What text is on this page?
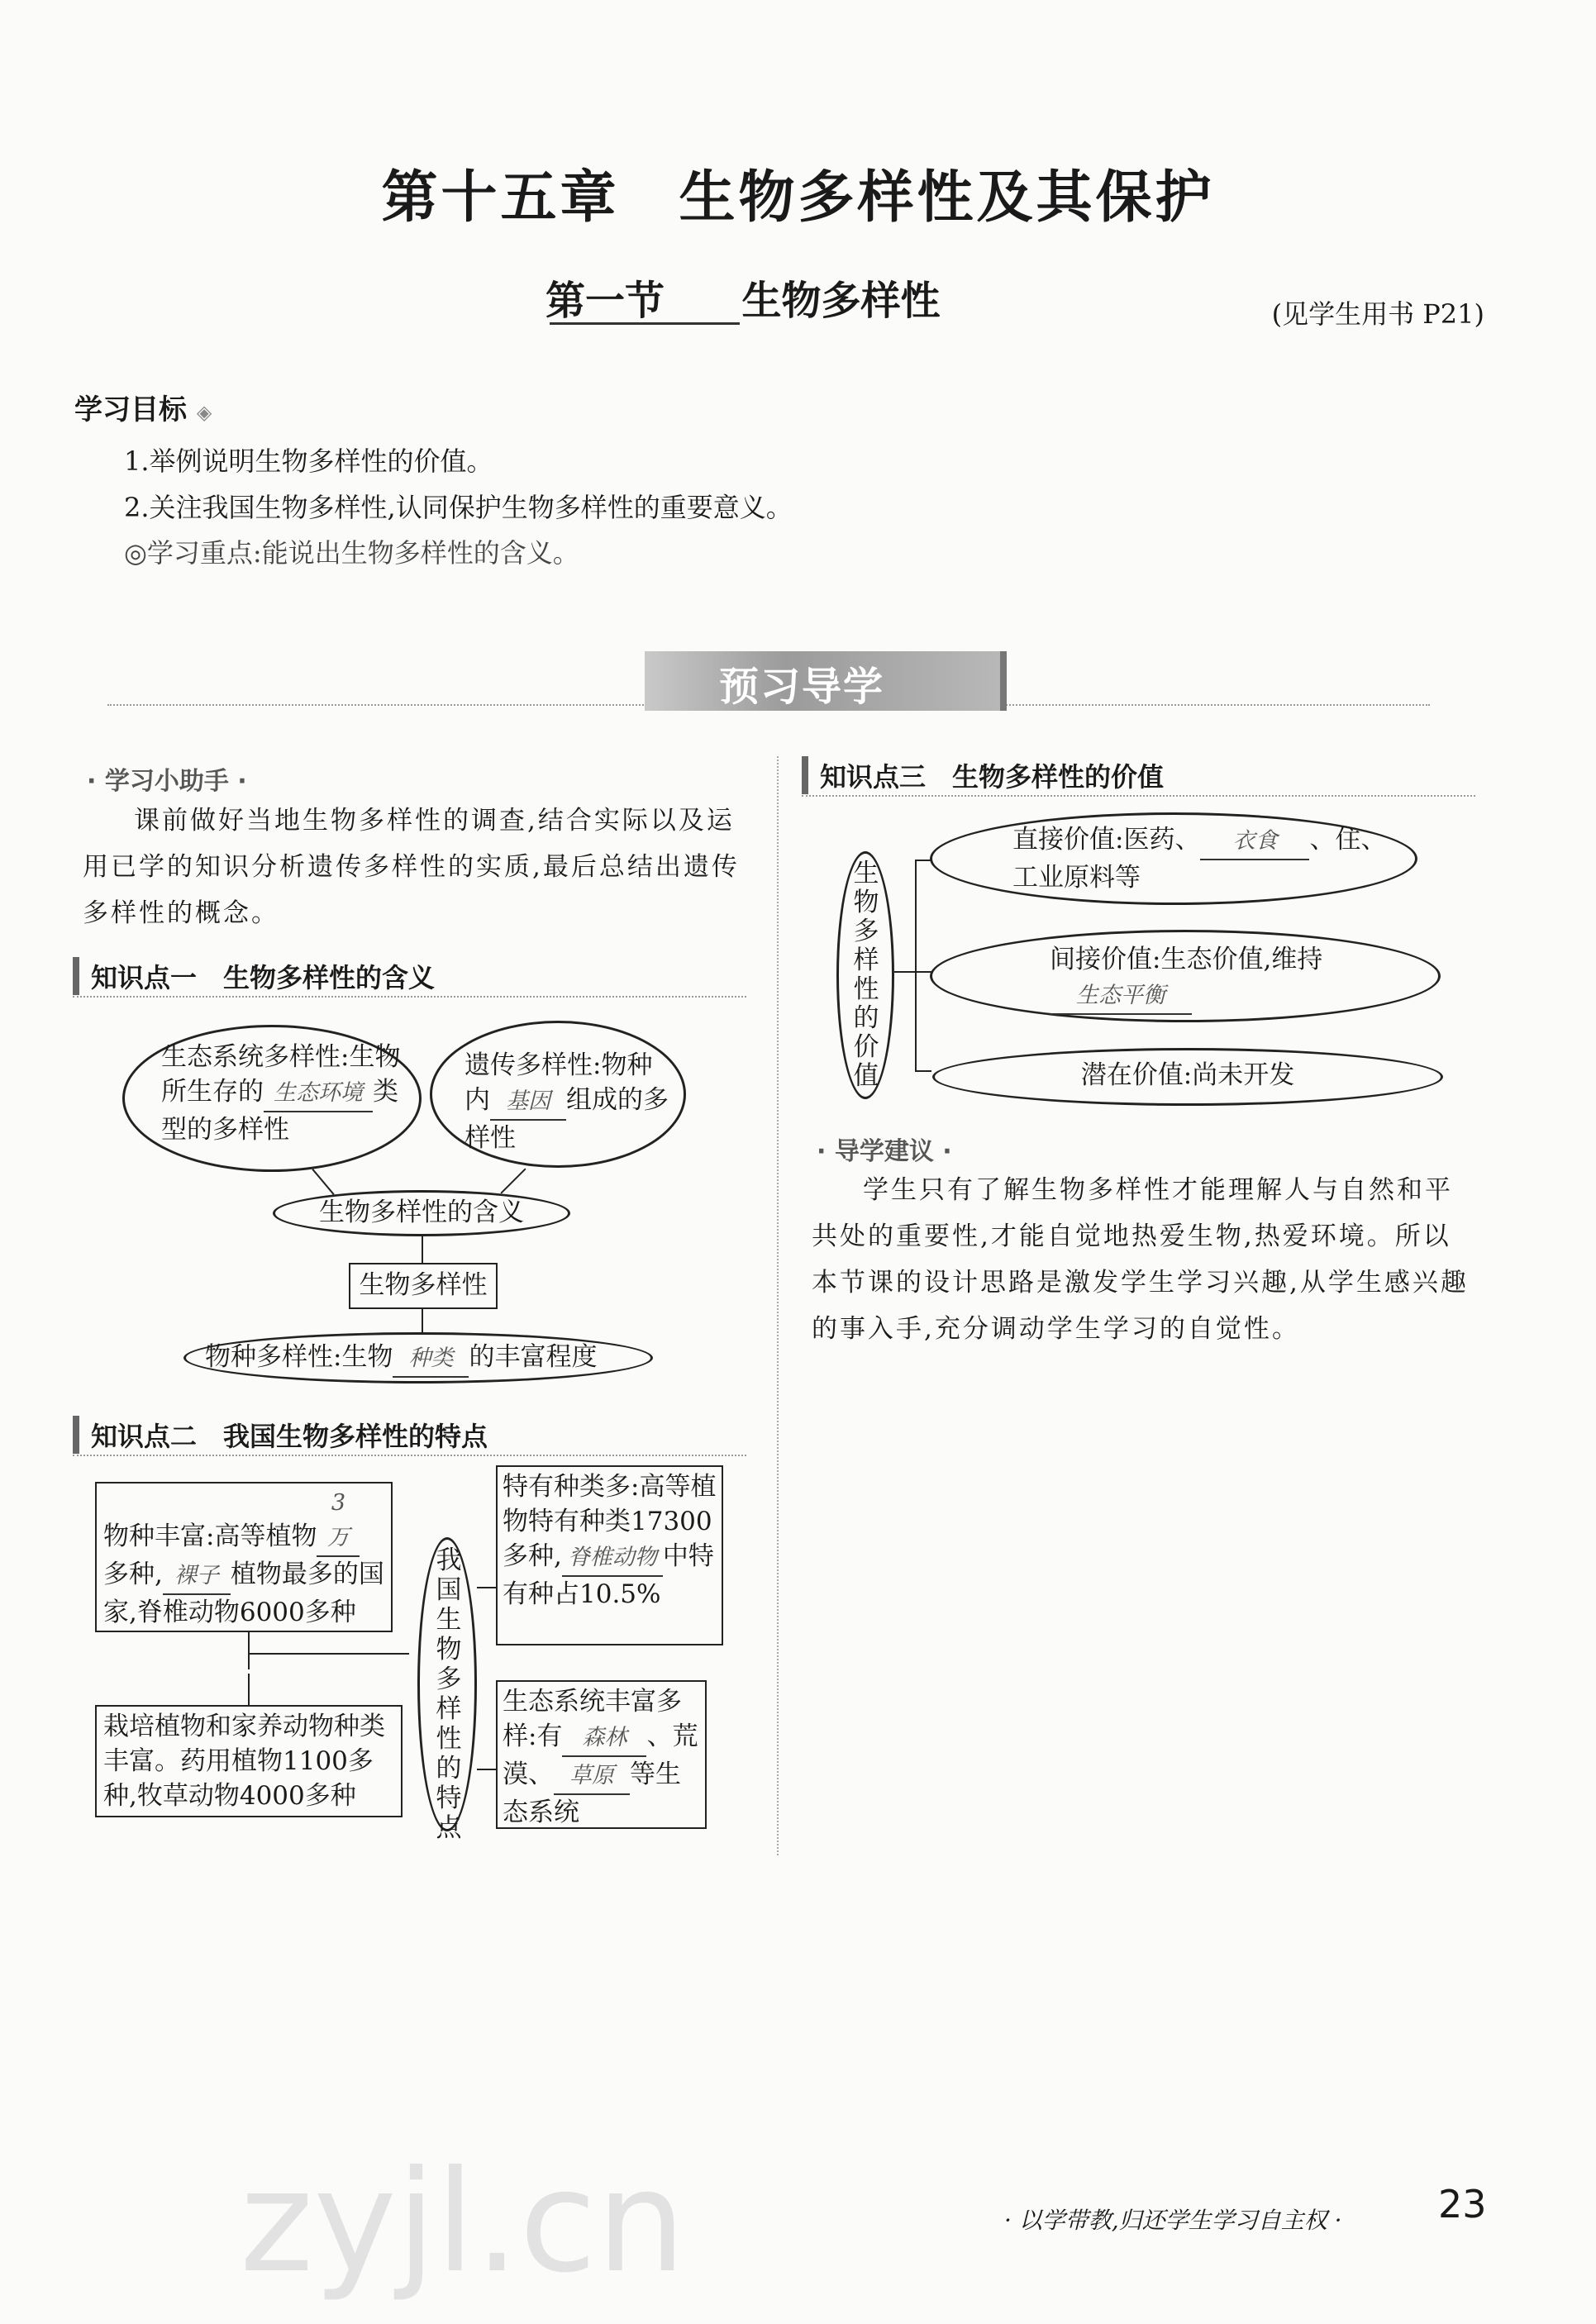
第十五章　生物多样性及其保护
第一节 生物多样性	(见学生用书 P21)
学习目标 ◈
1.举例说明生物多样性的价值。
2.关注我国生物多样性,认同保护生物多样性的重要意义。
◎学习重点:能说出生物多样性的含义。
预习导学
· 学习小助手 ·
课前做好当地生物多样性的调查,结合实际以及运用已学的知识分析遗传多样性的实质,最后总结出遗传多样性的概念。
知识点一　生物多样性的含义
生态系统多样性:生物所生存的 生态环境 类型的多样性
遗传多样性:物种内 基因 组成的多样性
生物多样性的含义
生物多样性
物种多样性:生物 种类 的丰富程度
知识点二　我国生物多样性的特点
物种丰富:高等植物3万多种, 裸子 植物最多的国家,脊椎动物6000多种
栽培植物和家养动物种类丰富。药用植物1100多种,牧草动物4000多种
我国生物多样性的特点
特有种类多:高等植物特有种类17300多种, 脊椎动物 中特有种占10.5%
生态系统丰富多样:有 森林 、荒漠、 草原 等生态系统
知识点三　生物多样性的价值
生物多样性的价值
直接价值:医药、 衣食 、住、工业原料等
间接价值:生态价值,维持生态平衡
潜在价值:尚未开发
· 导学建议 ·
学生只有了解生物多样性才能理解人与自然和平共处的重要性,才能自觉地热爱生物,热爱环境。所以本节课的设计思路是激发学生学习兴趣,从学生感兴趣的事入手,充分调动学生学习的自觉性。
zyjl.cn	· 以学带教,归还学生学习自主权 ·	23
